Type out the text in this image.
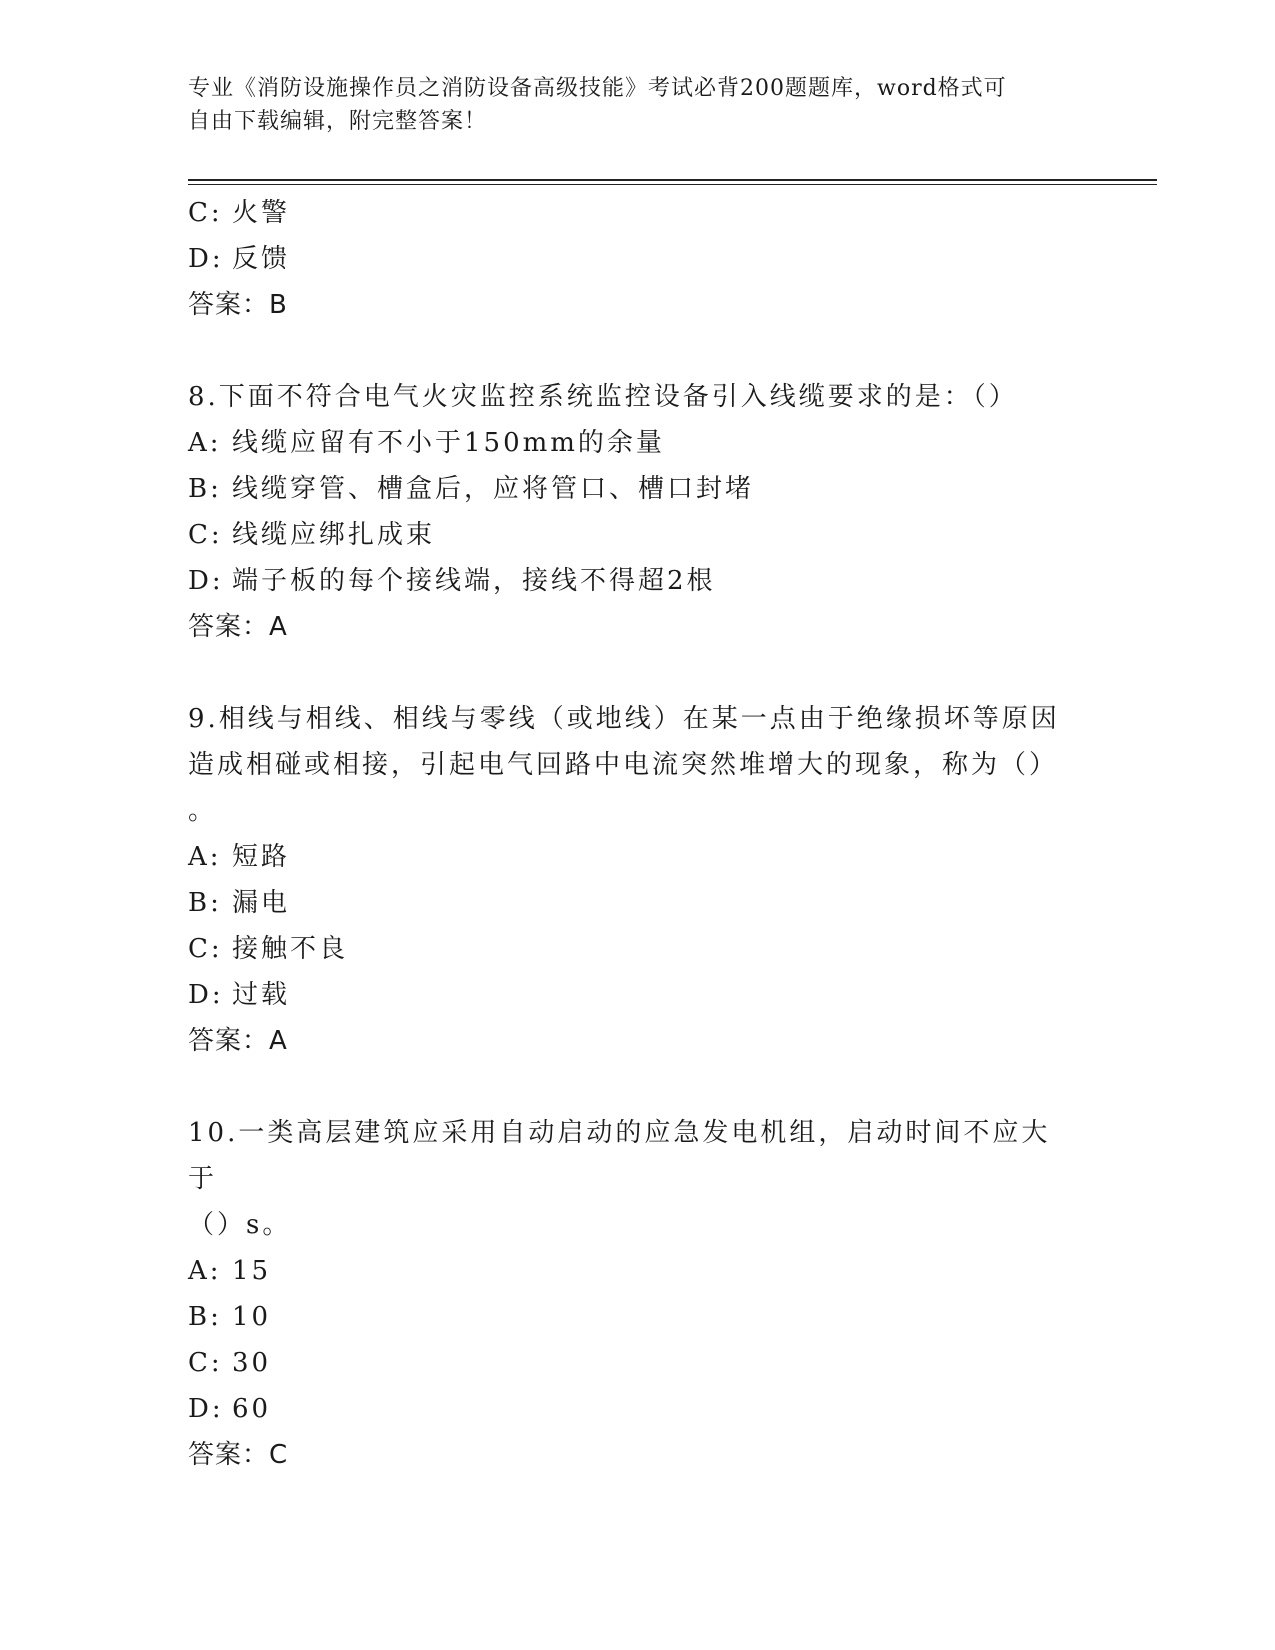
专业《消防设施操作员之消防设备高级技能》考试必背200题题库，word格式可
自由下载编辑，附完整答案！
C: 火警
D: 反馈
答案：B
8.下面不符合电气火灾监控系统监控设备引入线缆要求的是：（）
A: 线缆应留有不小于150mm的余量
B: 线缆穿管、槽盒后，应将管口、槽口封堵
C: 线缆应绑扎成束
D: 端子板的每个接线端，接线不得超2根
答案：A
9.相线与相线、相线与零线（或地线）在某一点由于绝缘损坏等原因
造成相碰或相接，引起电气回路中电流突然堆增大的现象，称为（）
。
A: 短路
B: 漏电
C: 接触不良
D: 过载
答案：A
10.一类高层建筑应采用自动启动的应急发电机组，启动时间不应大于
（）s。
A: 15
B: 10
C: 30
D: 60
答案：C
